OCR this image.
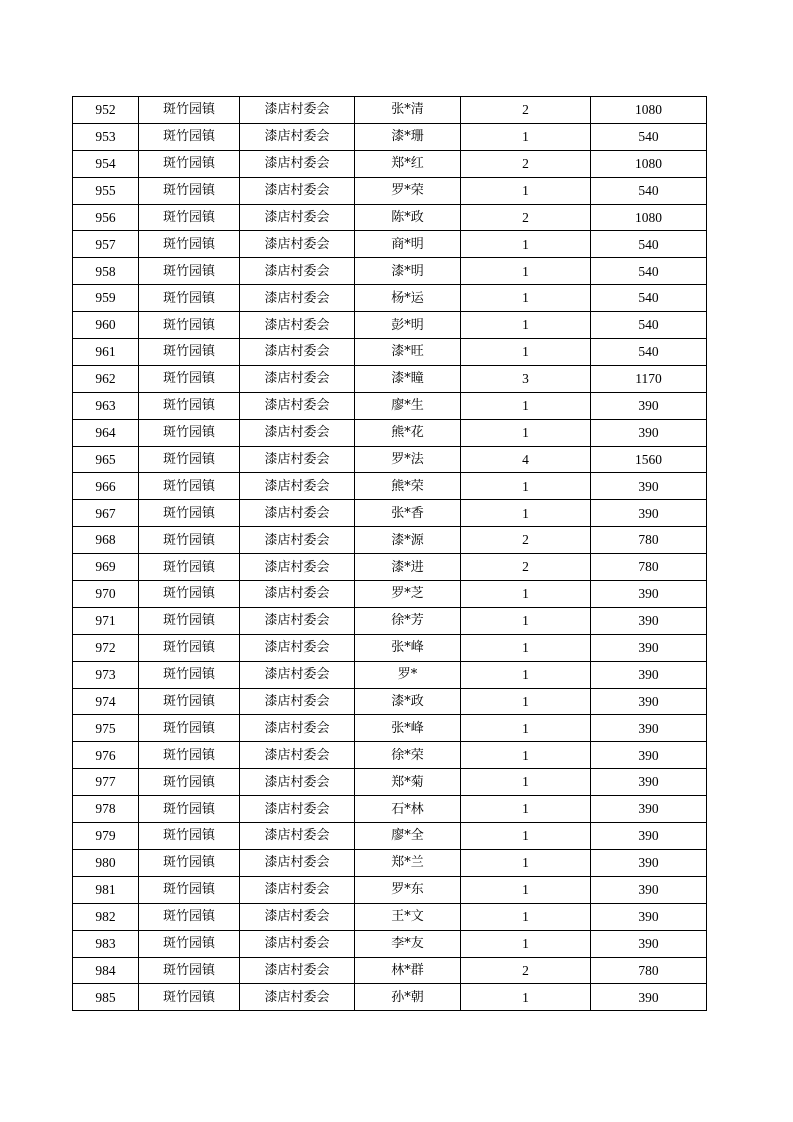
952	斑竹园镇	漆店村委会	张*清	2	1080
953	斑竹园镇	漆店村委会	漆*珊	1	540
954	斑竹园镇	漆店村委会	郑*红	2	1080
955	斑竹园镇	漆店村委会	罗*荣	1	540
956	斑竹园镇	漆店村委会	陈*政	2	1080
957	斑竹园镇	漆店村委会	商*明	1	540
958	斑竹园镇	漆店村委会	漆*明	1	540
959	斑竹园镇	漆店村委会	杨*运	1	540
960	斑竹园镇	漆店村委会	彭*明	1	540
961	斑竹园镇	漆店村委会	漆*旺	1	540
962	斑竹园镇	漆店村委会	漆*瞳	3	1170
963	斑竹园镇	漆店村委会	廖*生	1	390
964	斑竹园镇	漆店村委会	熊*花	1	390
965	斑竹园镇	漆店村委会	罗*法	4	1560
966	斑竹园镇	漆店村委会	熊*荣	1	390
967	斑竹园镇	漆店村委会	张*香	1	390
968	斑竹园镇	漆店村委会	漆*源	2	780
969	斑竹园镇	漆店村委会	漆*进	2	780
970	斑竹园镇	漆店村委会	罗*芝	1	390
971	斑竹园镇	漆店村委会	徐*芳	1	390
972	斑竹园镇	漆店村委会	张*峰	1	390
973	斑竹园镇	漆店村委会	罗*	1	390
974	斑竹园镇	漆店村委会	漆*政	1	390
975	斑竹园镇	漆店村委会	张*峰	1	390
976	斑竹园镇	漆店村委会	徐*荣	1	390
977	斑竹园镇	漆店村委会	郑*菊	1	390
978	斑竹园镇	漆店村委会	石*林	1	390
979	斑竹园镇	漆店村委会	廖*全	1	390
980	斑竹园镇	漆店村委会	郑*兰	1	390
981	斑竹园镇	漆店村委会	罗*东	1	390
982	斑竹园镇	漆店村委会	王*文	1	390
983	斑竹园镇	漆店村委会	李*友	1	390
984	斑竹园镇	漆店村委会	林*群	2	780
985	斑竹园镇	漆店村委会	孙*朝	1	390
